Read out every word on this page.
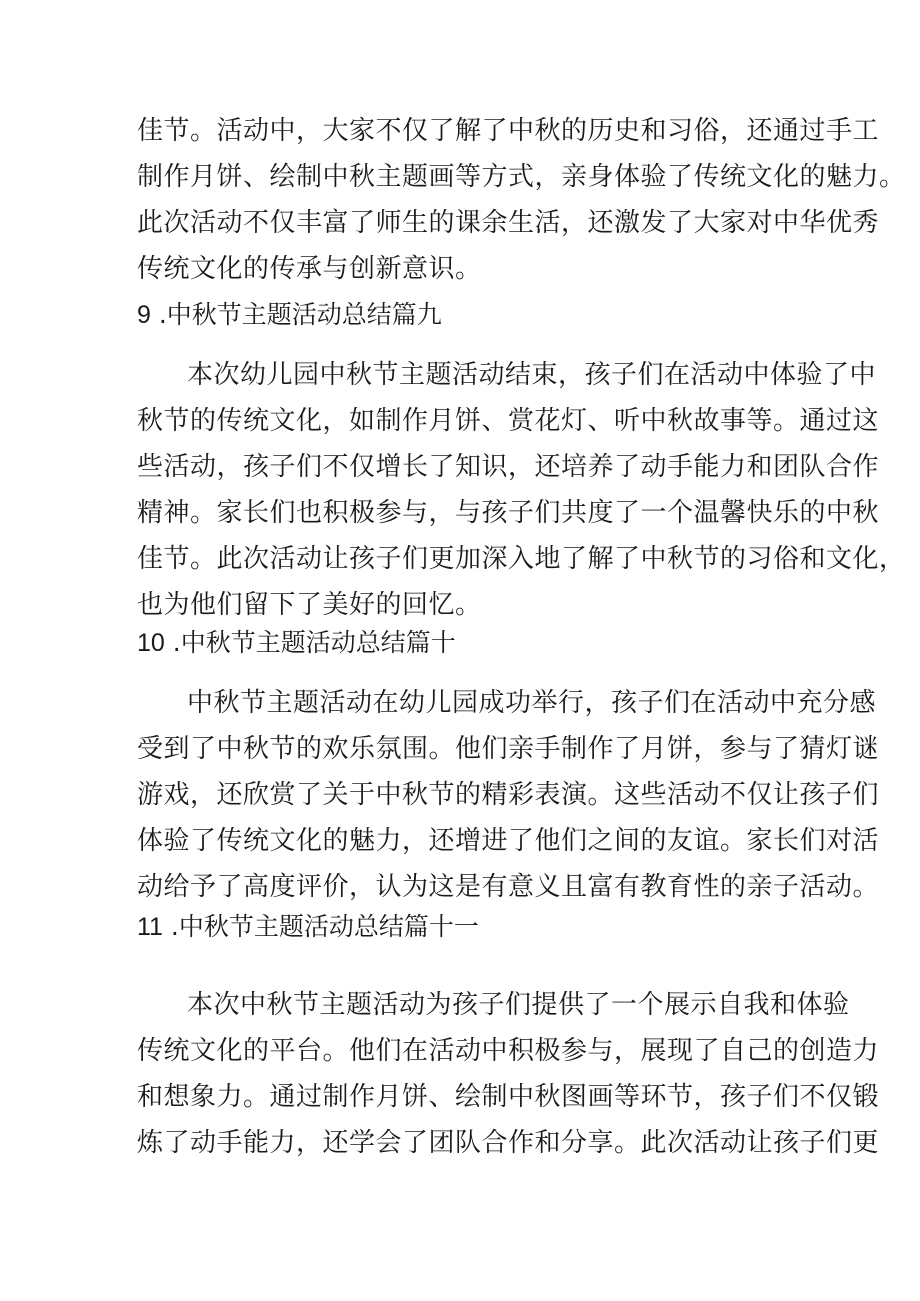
佳节。活动中，大家不仅了解了中秋的历史和习俗，还通过手工
制作月饼、绘制中秋主题画等方式，亲身体验了传统文化的魅力。
此次活动不仅丰富了师生的课余生活，还激发了大家对中华优秀
传统文化的传承与创新意识。
9 .中秋节主题活动总结篇九
本次幼儿园中秋节主题活动结束，孩子们在活动中体验了中
秋节的传统文化，如制作月饼、赏花灯、听中秋故事等。通过这
些活动，孩子们不仅增长了知识，还培养了动手能力和团队合作
精神。家长们也积极参与，与孩子们共度了一个温馨快乐的中秋
佳节。此次活动让孩子们更加深入地了解了中秋节的习俗和文化，
也为他们留下了美好的回忆。
10 .中秋节主题活动总结篇十
中秋节主题活动在幼儿园成功举行，孩子们在活动中充分感
受到了中秋节的欢乐氛围。他们亲手制作了月饼，参与了猜灯谜
游戏，还欣赏了关于中秋节的精彩表演。这些活动不仅让孩子们
体验了传统文化的魅力，还增进了他们之间的友谊。家长们对活
动给予了高度评价，认为这是有意义且富有教育性的亲子活动。
11 .中秋节主题活动总结篇十一
本次中秋节主题活动为孩子们提供了一个展示自我和体验
传统文化的平台。他们在活动中积极参与，展现了自己的创造力
和想象力。通过制作月饼、绘制中秋图画等环节，孩子们不仅锻
炼了动手能力，还学会了团队合作和分享。此次活动让孩子们更
